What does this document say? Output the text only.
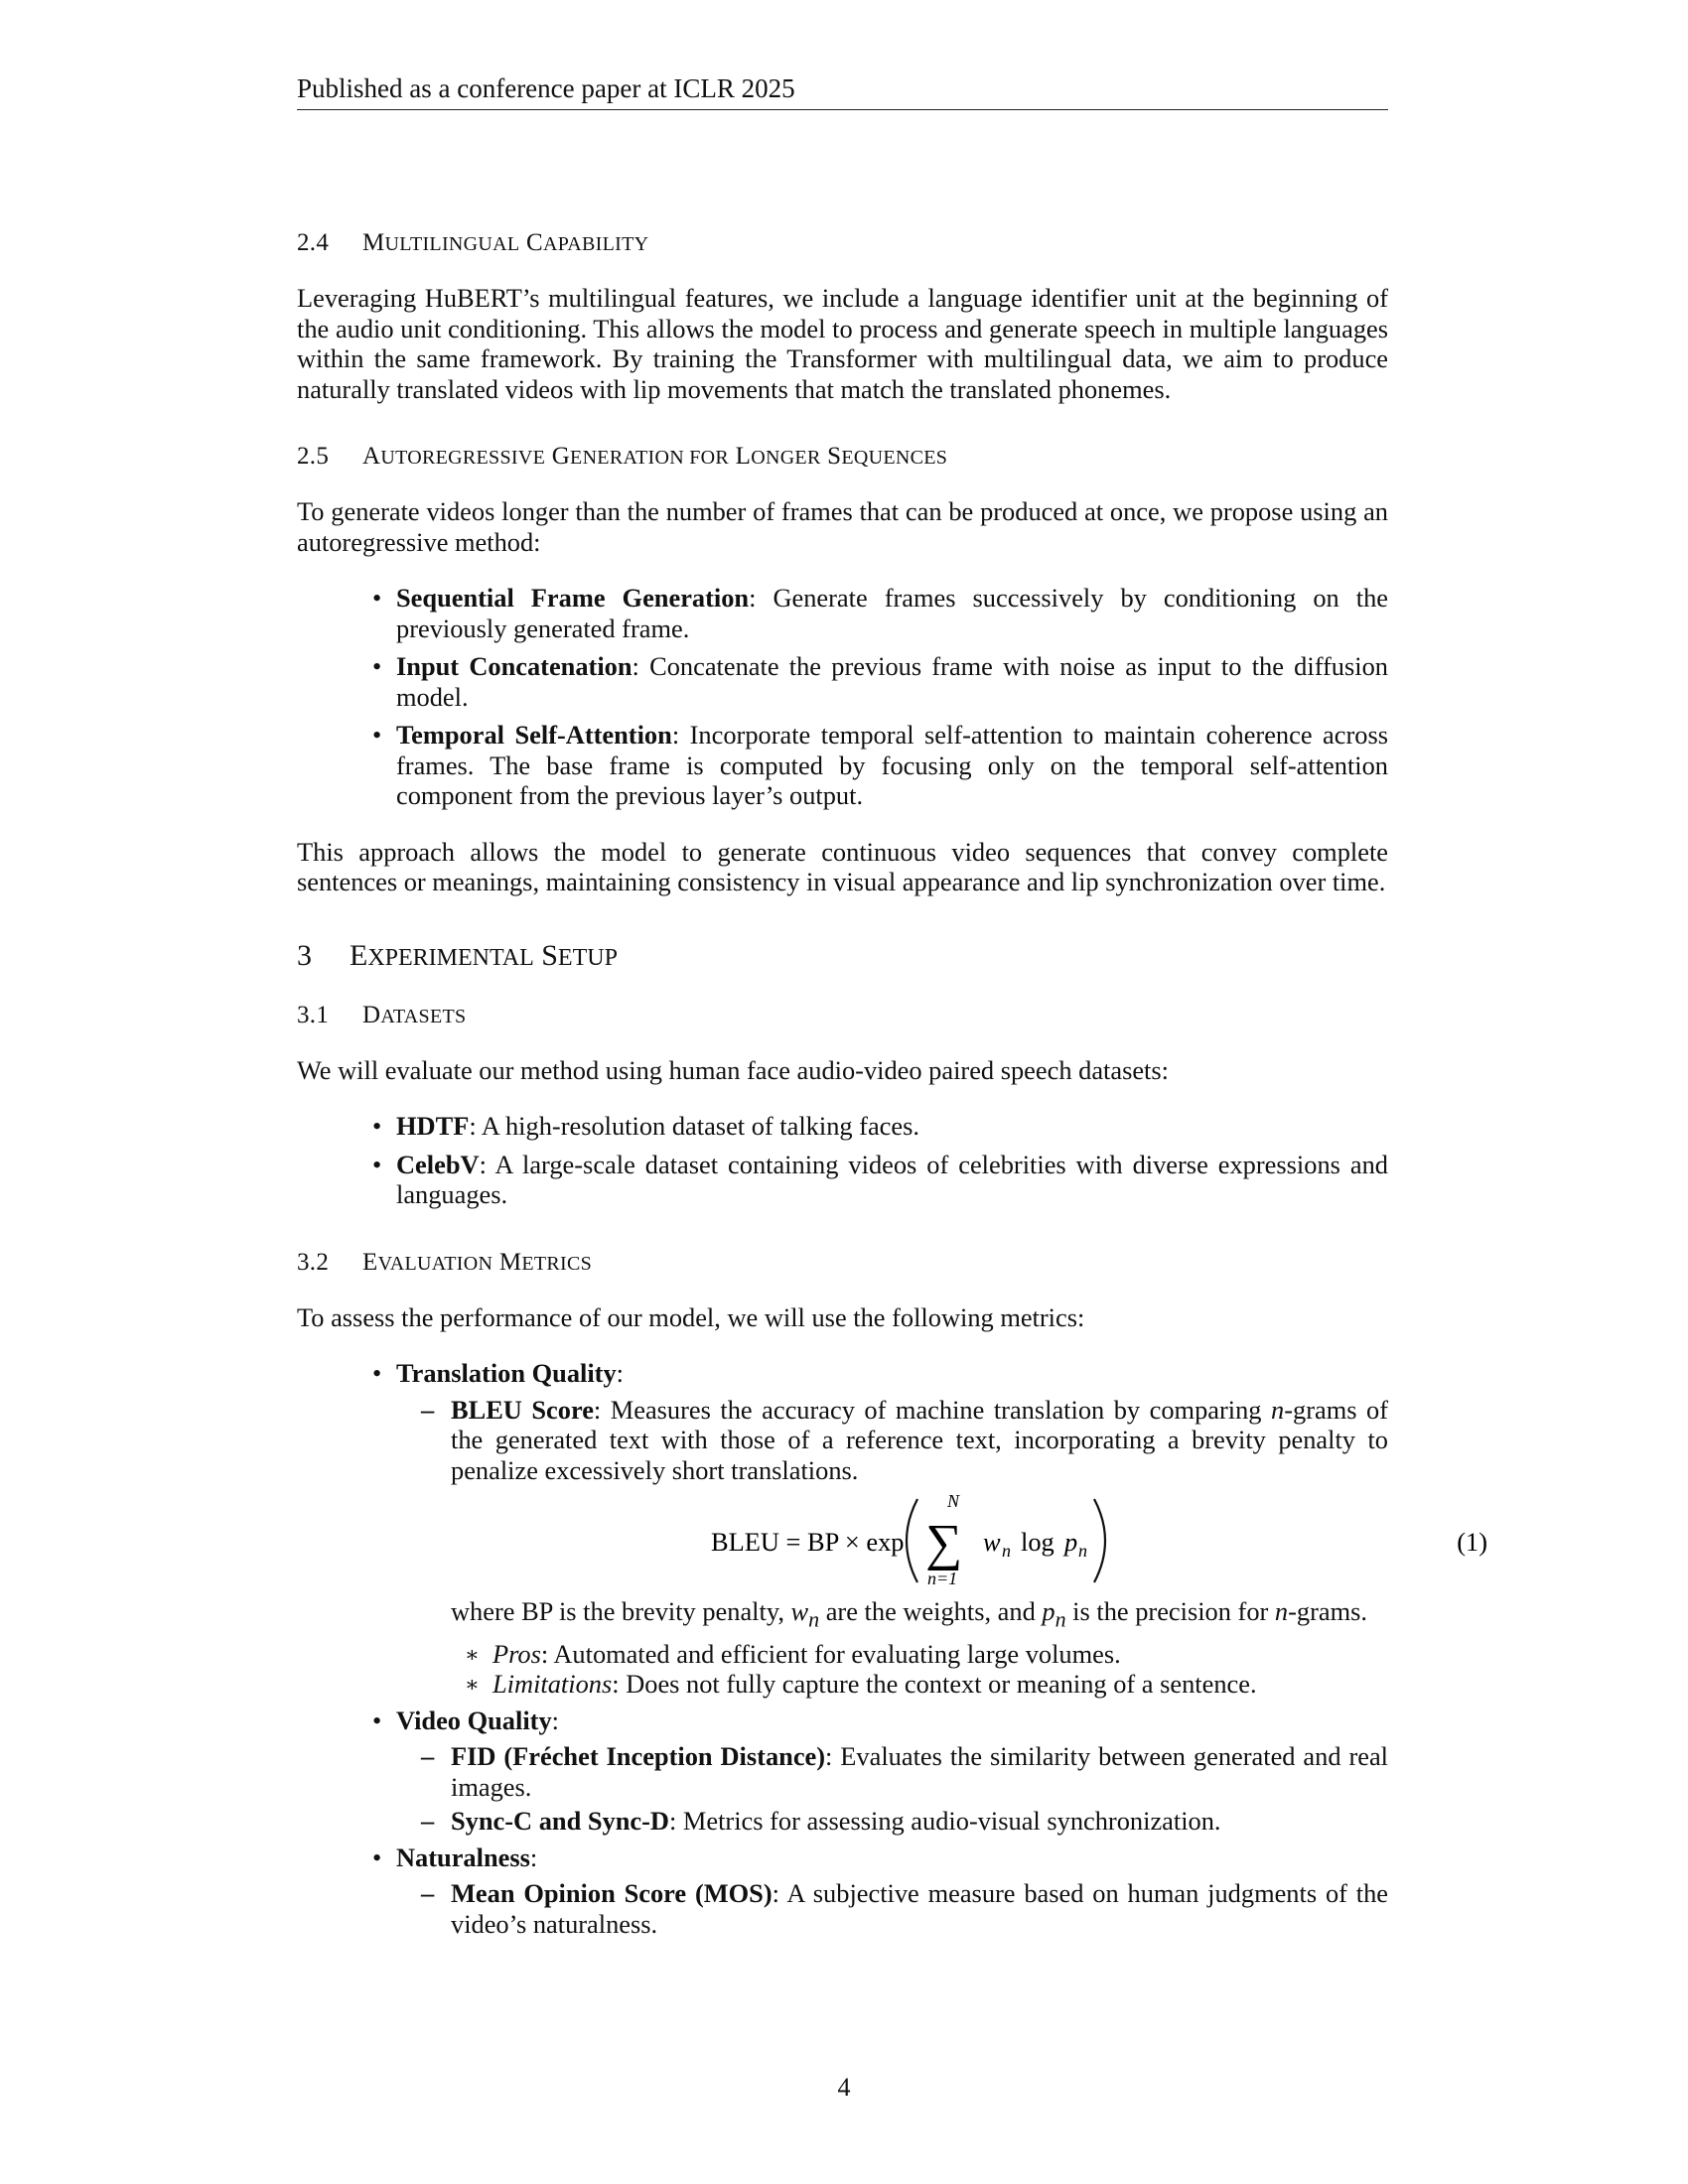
Published as a conference paper at ICLR 2025
2.4 MULTILINGUAL CAPABILITY

Leveraging HuBERT’s multilingual features, we include a language identifier unit at the beginning of the audio unit conditioning. This allows the model to process and generate speech in multiple languages within the same framework. By training the Transformer with multilingual data, we aim to produce naturally translated videos with lip movements that match the translated phonemes.

2.5 AUTOREGRESSIVE GENERATION FOR LONGER SEQUENCES

To generate videos longer than the number of frames that can be produced at once, we propose using an autoregressive method:

• Sequential Frame Generation: Generate frames successively by conditioning on the previously generated frame.
• Input Concatenation: Concatenate the previous frame with noise as input to the diffusion model.
• Temporal Self-Attention: Incorporate temporal self-attention to maintain coherence across frames. The base frame is computed by focusing only on the temporal self-attention component from the previous layer’s output.

This approach allows the model to generate continuous video sequences that convey complete sentences or meanings, maintaining consistency in visual appearance and lip synchronization over time.

3 EXPERIMENTAL SETUP
3.1 DATASETS

We will evaluate our method using human face audio-video paired speech datasets:

• HDTF: A high-resolution dataset of talking faces.
• CelebV: A large-scale dataset containing videos of celebrities with diverse expressions and languages.
3.2 EVALUATION METRICS

To assess the performance of our model, we will use the following metrics:

• Translation Quality:
– BLEU Score: Measures the accuracy of machine translation by comparing n-grams of the generated text with those of a reference text, incorporating a brevity penalty to penalize excessively short translations.
BLEU = BP × exp
N
∑
n=1
w n log p n	(1)

where BP is the brevity penalty, $w_n$ are the weights, and $p_n$ is the precision for n-grams.

∗ Pros: Automated and efficient for evaluating large volumes.
∗ Limitations: Does not fully capture the context or meaning of a sentence.
• Video Quality:
– FID (Fréchet Inception Distance): Evaluates the similarity between generated and real images.
– Sync-C and Sync-D: Metrics for assessing audio-visual synchronization.
• Naturalness:
– Mean Opinion Score (MOS): A subjective measure based on human judgments of the video’s naturalness.
4
